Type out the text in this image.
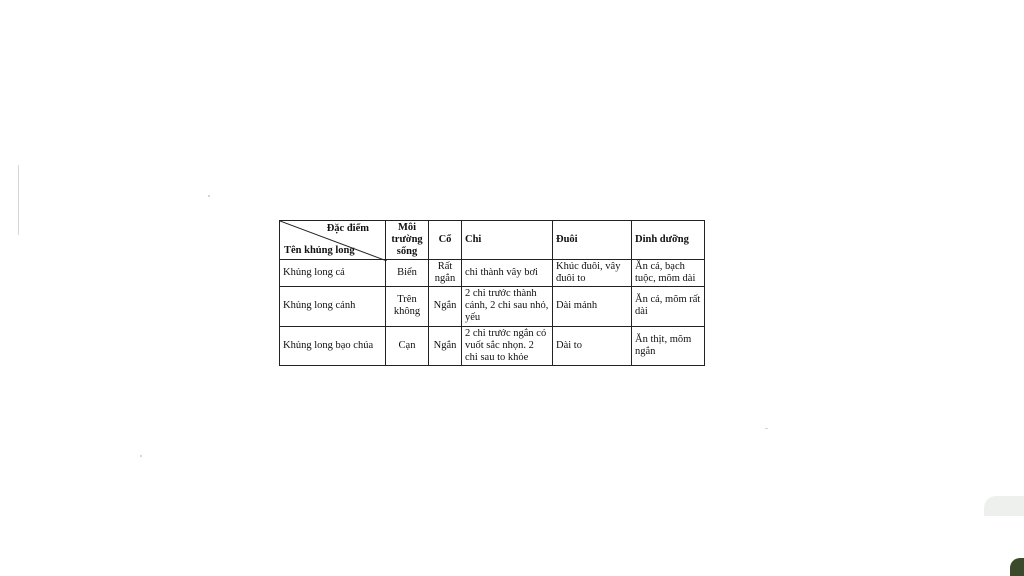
Đặc điểm
Tên khủng long	Môi trường sống	Cổ	Chi	Đuôi	Dinh dưỡng
Khủng long cá	Biển	Rất ngắn	chi thành vây bơi	Khúc đuôi, vây đuôi to	Ăn cá, bạch tuộc, mõm dài
Khủng long cánh	Trên không	Ngắn	2 chi trước thành cánh, 2 chi sau nhỏ, yếu	Dài mảnh	Ăn cá, mõm rất dài
Khủng long bạo chúa	Cạn	Ngắn	2 chi trước ngắn có vuốt sắc nhọn. 2 chi sau to khỏe	Dài to	Ăn thịt, mõm ngắn
